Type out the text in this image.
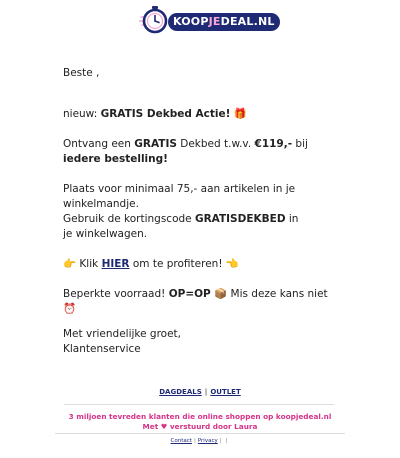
KOOPJEDEAL.NL

Beste ,

nieuw: GRATIS Dekbed Actie! 🎁

Ontvang een GRATIS Dekbed t.w.v. €119,- bij iedere bestelling!

Plaats voor minimaal 75,- aan artikelen in je winkelmandje.

Gebruik de kortingscode GRATISDEKBED in je winkelwagen.

👉 Klik HIER om te profiteren! 👈

Beperkte voorraad! OP=OP 📦 Mis deze kans niet ⏰

Met vriendelijke groet,
Klantenservice

DAGDEALS | OUTLET
3 miljoen tevreden klanten die online shoppen op koopjedeal.nl
Met ♥ verstuurd door Laura
Contact | Privacy | |
